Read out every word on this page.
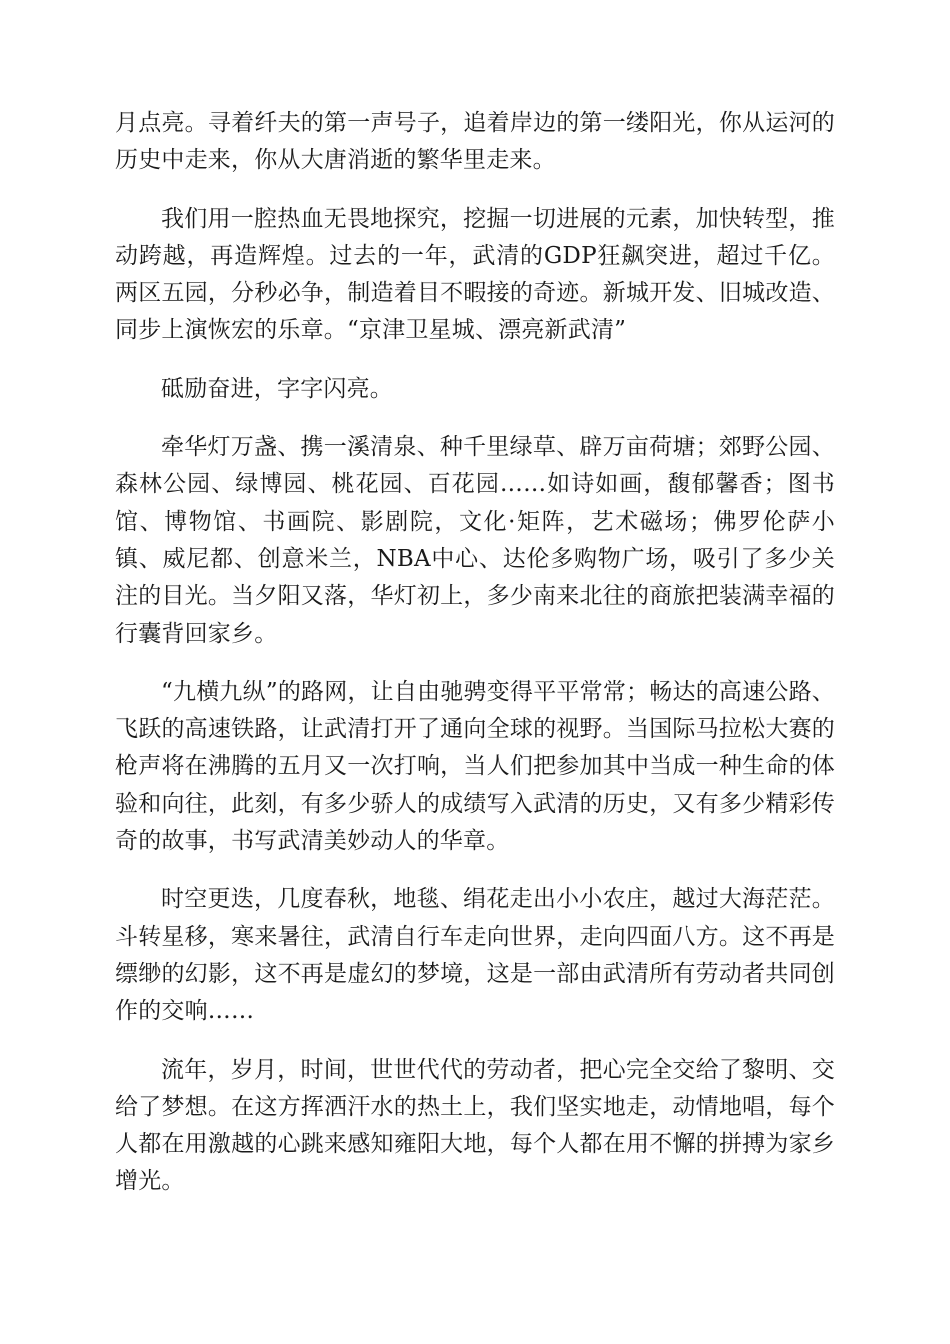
月点亮。寻着纤夫的第一声号子，追着岸边的第一缕阳光，你从运河的历史中走来，你从大唐消逝的繁华里走来。

我们用一腔热血无畏地探究，挖掘一切进展的元素，加快转型，推动跨越，再造辉煌。过去的一年，武清的GDP狂飙突进，超过千亿。两区五园，分秒必争，制造着目不暇接的奇迹。新城开发、旧城改造、同步上演恢宏的乐章。“京津卫星城、漂亮新武清”

砥励奋进，字字闪亮。

牵华灯万盏、携一溪清泉、种千里绿草、辟万亩荷塘；郊野公园、森林公园、绿博园、桃花园、百花园……如诗如画，馥郁馨香；图书馆、博物馆、书画院、影剧院，文化·矩阵，艺术磁场；佛罗伦萨小镇、威尼都、创意米兰，NBA中心、达伦多购物广场，吸引了多少关注的目光。当夕阳又落，华灯初上，多少南来北往的商旅把装满幸福的行囊背回家乡。

“九横九纵”的路网，让自由驰骋变得平平常常；畅达的高速公路、飞跃的高速铁路，让武清打开了通向全球的视野。当国际马拉松大赛的枪声将在沸腾的五月又一次打响，当人们把参加其中当成一种生命的体验和向往，此刻，有多少骄人的成绩写入武清的历史，又有多少精彩传奇的故事，书写武清美妙动人的华章。

时空更迭，几度春秋，地毯、绢花走出小小农庄，越过大海茫茫。斗转星移，寒来暑往，武清自行车走向世界，走向四面八方。这不再是缥缈的幻影，这不再是虚幻的梦境，这是一部由武清所有劳动者共同创作的交响……

流年，岁月，时间，世世代代的劳动者，把心完全交给了黎明、交给了梦想。在这方挥洒汗水的热土上，我们坚实地走，动情地唱，每个人都在用激越的心跳来感知雍阳大地，每个人都在用不懈的拼搏为家乡增光。
